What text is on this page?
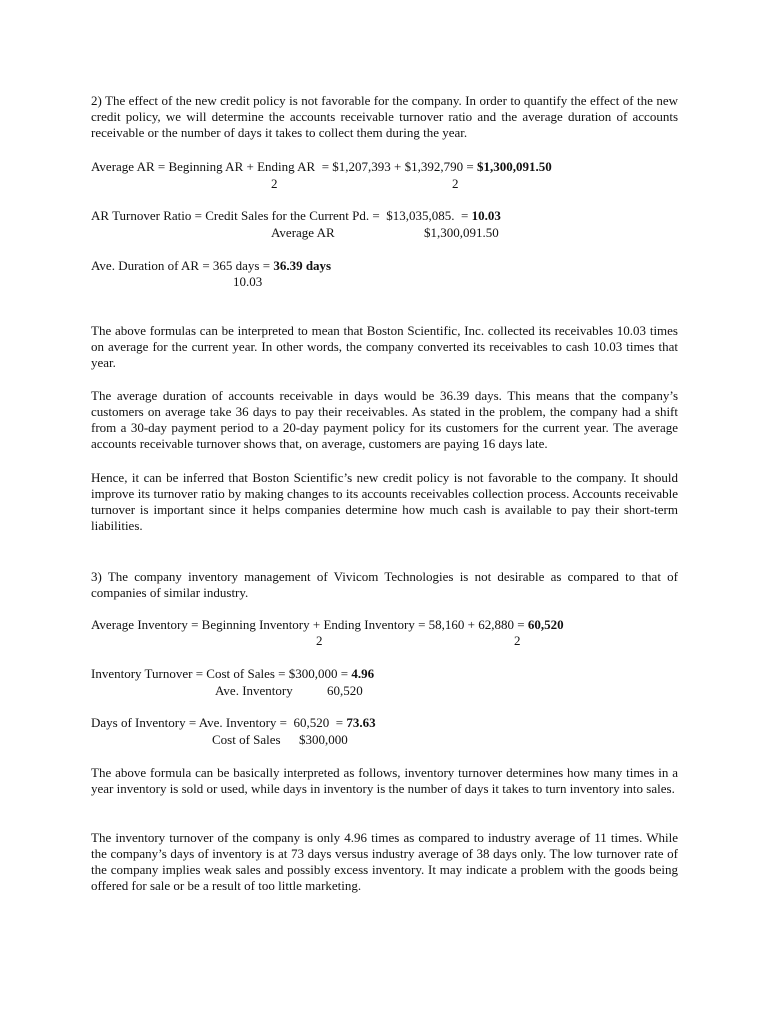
2) The effect of the new credit policy is not favorable for the company. In order to quantify the effect of the new credit policy, we will determine the accounts receivable turnover ratio and the average duration of accounts receivable or the number of days it takes to collect them during the year.

Average AR = Beginning AR + Ending AR  = $1,207,393 + $1,392,790 = $1,300,091.50
2	2
AR Turnover Ratio = Credit Sales for the Current Pd. =  $13,035,085.  = 10.03
Average AR	$1,300,091.50
Ave. Duration of AR = 365 days = 36.39 days
10.03

The above formulas can be interpreted to mean that Boston Scientific, Inc. collected its receivables 10.03 times on average for the current year. In other words, the company converted its receivables to cash 10.03 times that year.

The average duration of accounts receivable in days would be 36.39 days. This means that the company’s customers on average take 36 days to pay their receivables. As stated in the problem, the company had a shift from a 30-day payment period to a 20-day payment policy for its customers for the current year. The average accounts receivable turnover shows that, on average, customers are paying 16 days late.

Hence, it can be inferred that Boston Scientific’s new credit policy is not favorable to the company. It should improve its turnover ratio by making changes to its accounts receivables collection process. Accounts receivable turnover is important since it helps companies determine how much cash is available to pay their short-term liabilities.

3) The company inventory management of Vivicom Technologies is not desirable as compared to that of companies of similar industry.

Average Inventory = Beginning Inventory + Ending Inventory = 58,160 + 62,880 = 60,520
2	2
Inventory Turnover = Cost of Sales = $300,000 = 4.96
Ave. Inventory	60,520
Days of Inventory = Ave. Inventory =  60,520  = 73.63
Cost of Sales $300,000

The above formula can be basically interpreted as follows, inventory turnover determines how many times in a year inventory is sold or used, while days in inventory is the number of days it takes to turn inventory into sales.

The inventory turnover of the company is only 4.96 times as compared to industry average of 11 times. While the company’s days of inventory is at 73 days versus industry average of 38 days only. The low turnover rate of the company implies weak sales and possibly excess inventory. It may indicate a problem with the goods being offered for sale or be a result of too little marketing.
